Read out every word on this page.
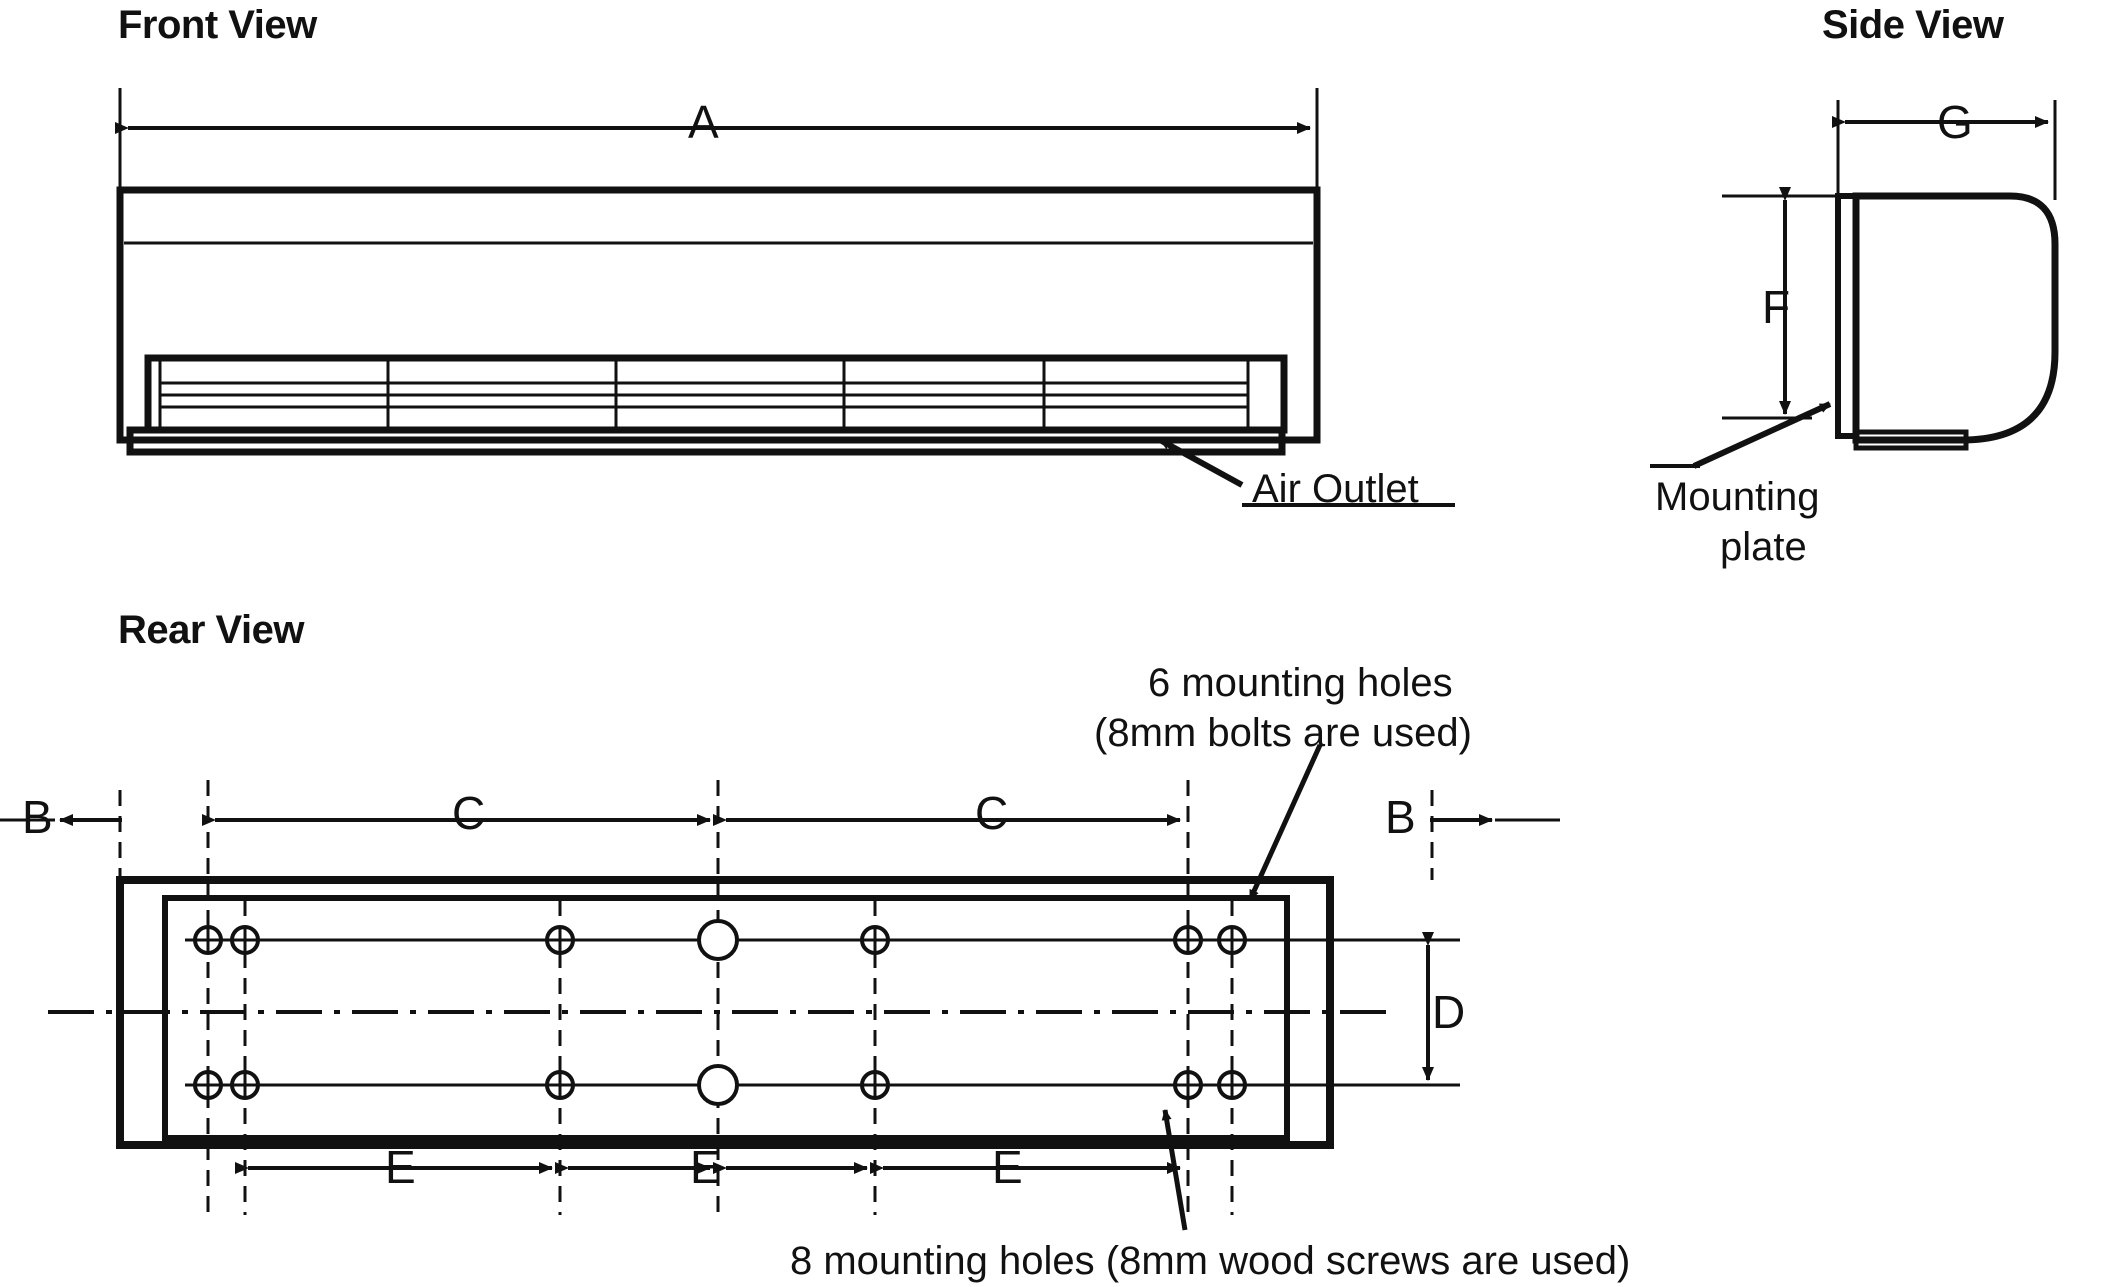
Front View	Side View
Rear View
A	G
F
B	B
C	C
D
E	E	E
Air Outlet	Mounting
plate
6 mounting holes
(8mm bolts are used)
8 mounting holes (8mm wood screws are used)
